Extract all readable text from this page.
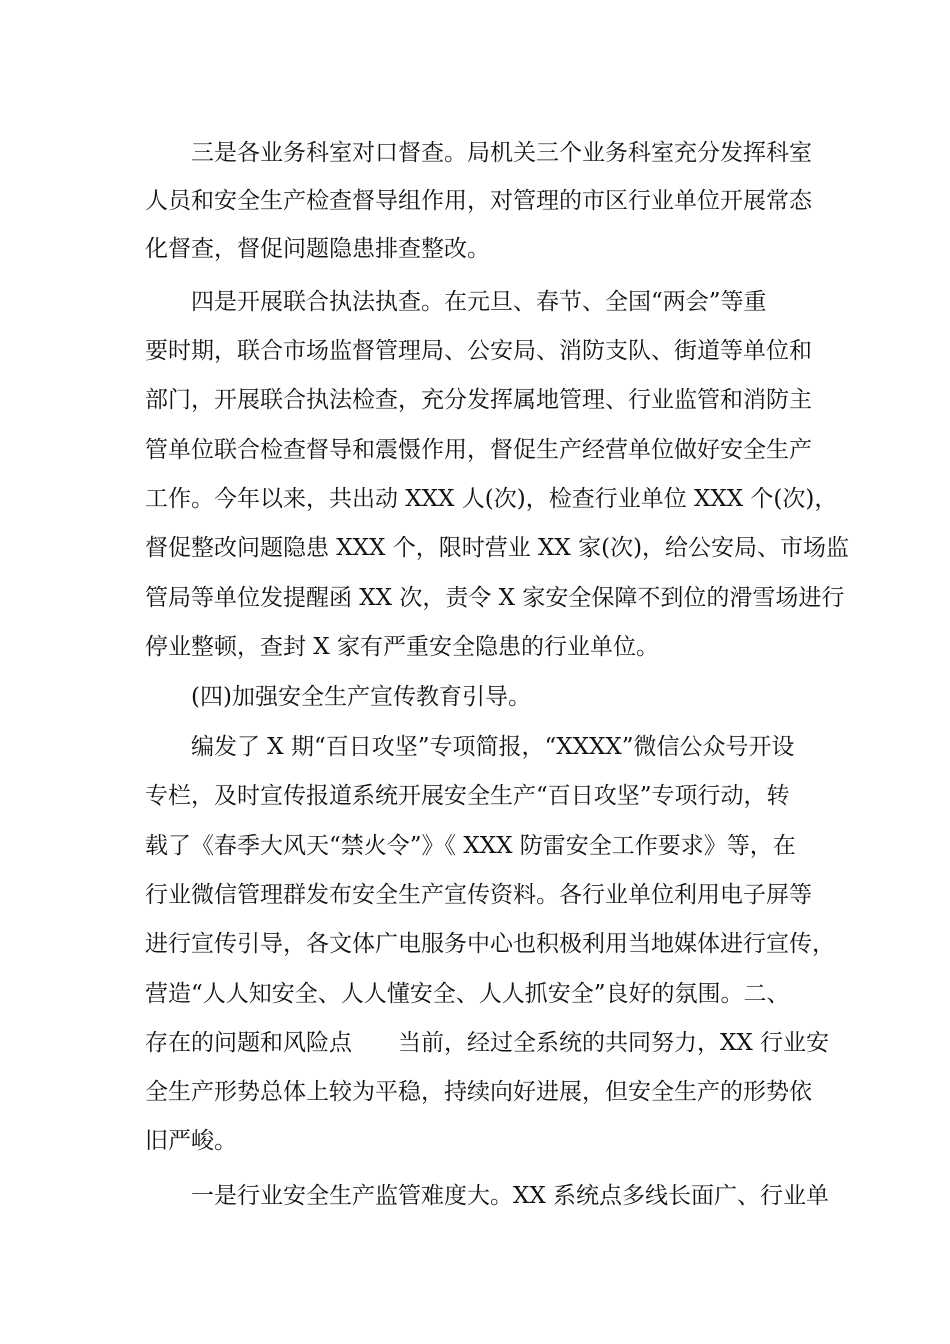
三是各业务科室对口督查。局机关三个业务科室充分发挥科室
人员和安全生产检查督导组作用，对管理的市区行业单位开展常态
化督查，督促问题隐患排查整改。
四是开展联合执法执查。在元旦、春节、全国“两会”等重
要时期，联合市场监督管理局、公安局、消防支队、街道等单位和
部门，开展联合执法检查，充分发挥属地管理、行业监管和消防主
管单位联合检查督导和震慑作用，督促生产经营单位做好安全生产
工作。今年以来，共出动 XXX 人(次)，检查行业单位 XXX 个(次)，
督促整改问题隐患 XXX 个，限时营业 XX 家(次)，给公安局、市场监
管局等单位发提醒函 XX 次，责令 X 家安全保障不到位的滑雪场进行
停业整顿，查封 X 家有严重安全隐患的行业单位。
(四)加强安全生产宣传教育引导。
编发了 X 期“百日攻坚”专项简报，“XXXX”微信公众号开设
专栏，及时宣传报道系统开展安全生产“百日攻坚”专项行动，转
载了《春季大风天“禁火令”》《 XXX 防雷安全工作要求》等，在
行业微信管理群发布安全生产宣传资料。各行业单位利用电子屏等
进行宣传引导，各文体广电服务中心也积极利用当地媒体进行宣传，
营造“人人知安全、人人懂安全、人人抓安全”良好的氛围。二、
存在的问题和风险点 当前，经过全系统的共同努力，XX 行业安
全生产形势总体上较为平稳，持续向好进展，但安全生产的形势依
旧严峻。
一是行业安全生产监管难度大。XX 系统点多线长面广、行业单
